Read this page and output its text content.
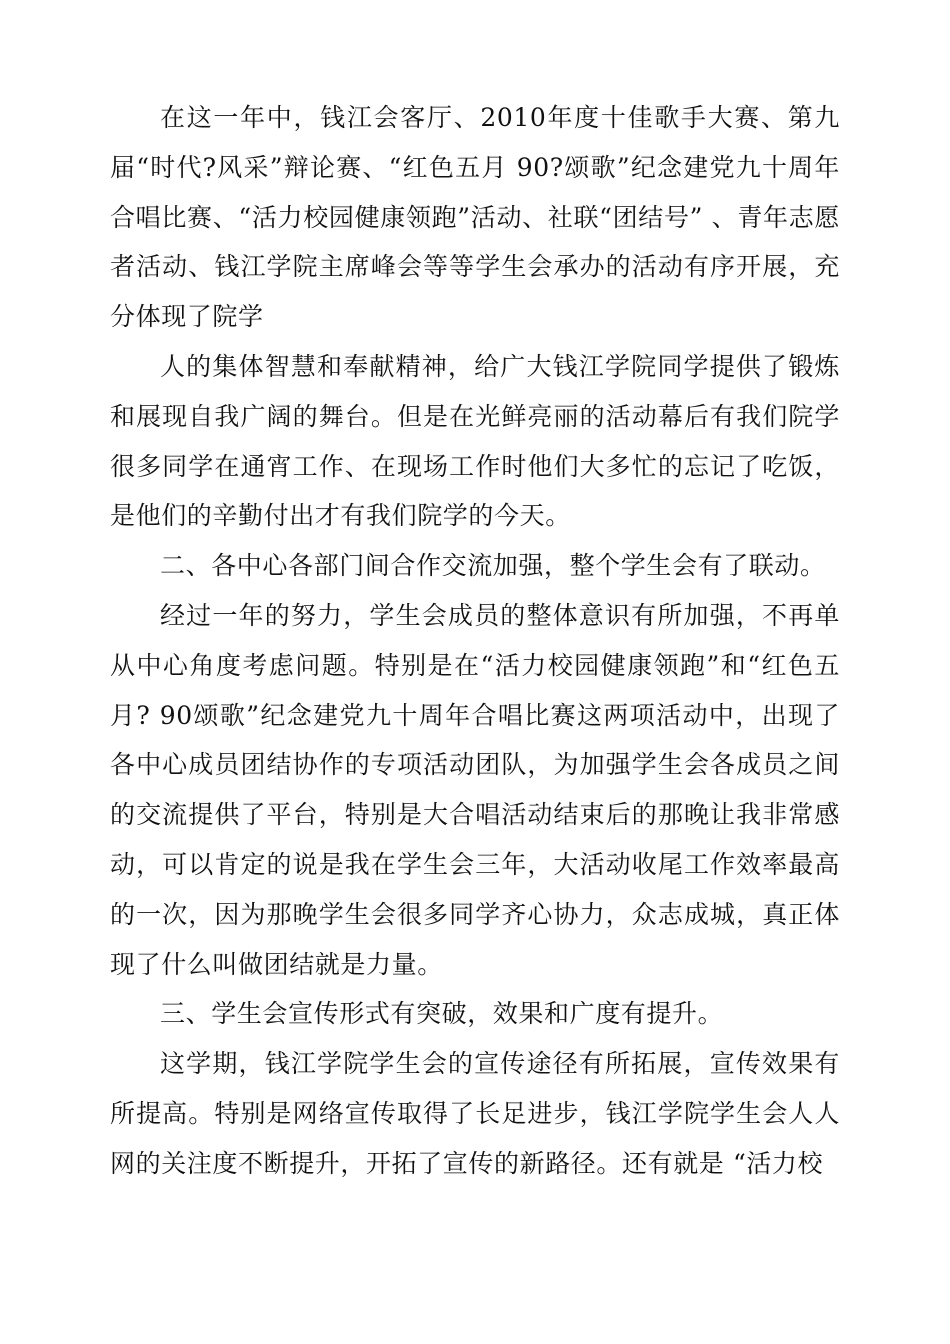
在这一年中，钱江会客厅、2010年度十佳歌手大赛、第九届“时代?风采”辩论赛、“红色五月 90?颂歌”纪念建党九十周年合唱比赛、“活力校园健康领跑”活动、社联“团结号” 、青年志愿者活动、钱江学院主席峰会等等学生会承办的活动有序开展，充分体现了院学

人的集体智慧和奉献精神，给广大钱江学院同学提供了锻炼和展现自我广阔的舞台。但是在光鲜亮丽的活动幕后有我们院学很多同学在通宵工作、在现场工作时他们大多忙的忘记了吃饭，是他们的辛勤付出才有我们院学的今天。

二、各中心各部门间合作交流加强，整个学生会有了联动。

经过一年的努力，学生会成员的整体意识有所加强，不再单从中心角度考虑问题。特别是在“活力校园健康领跑”和“红色五月? 90颂歌”纪念建党九十周年合唱比赛这两项活动中，出现了各中心成员团结协作的专项活动团队，为加强学生会各成员之间的交流提供了平台，特别是大合唱活动结束后的那晚让我非常感动，可以肯定的说是我在学生会三年，大活动收尾工作效率最高的一次，因为那晚学生会很多同学齐心协力，众志成城，真正体现了什么叫做团结就是力量。

三、学生会宣传形式有突破，效果和广度有提升。

这学期，钱江学院学生会的宣传途径有所拓展，宣传效果有所提高。特别是网络宣传取得了长足进步，钱江学院学生会人人网的关注度不断提升，开拓了宣传的新路径。还有就是 “活力校
